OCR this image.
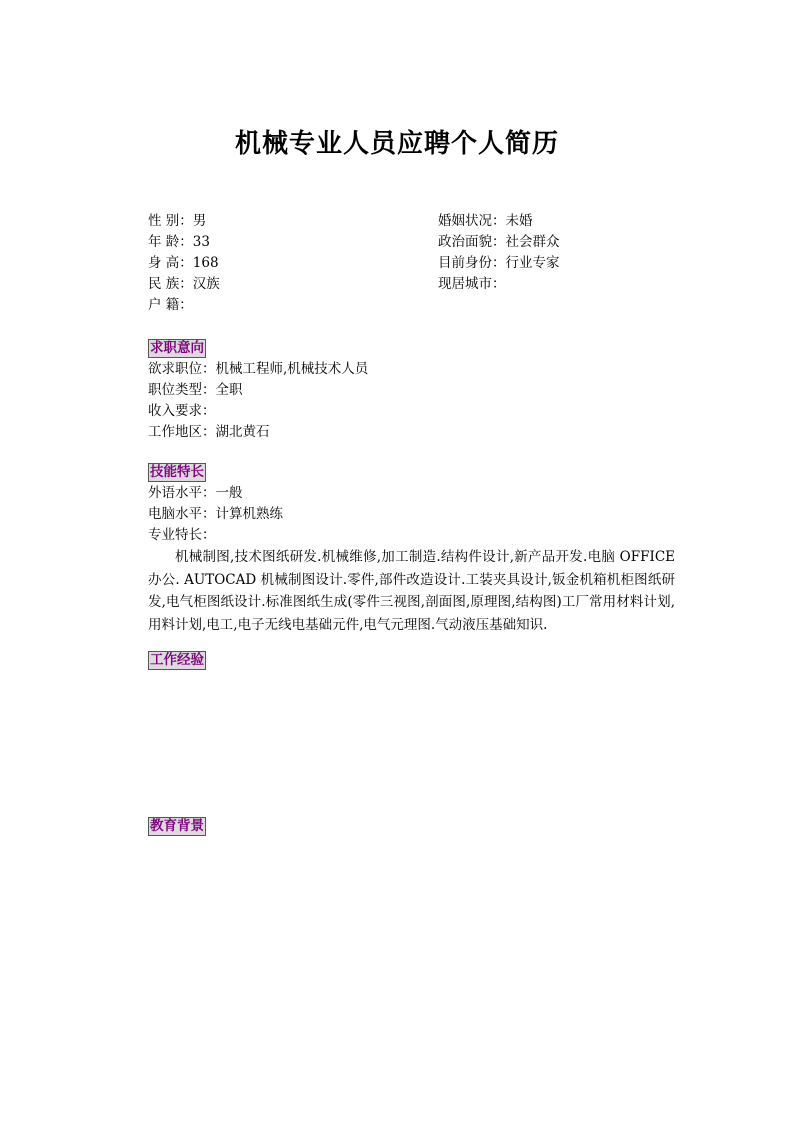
机械专业人员应聘个人简历
性 别：男	婚姻状况：未婚
年 龄：33	政治面貌：社会群众
身 高：168	目前身份：行业专家
民 族：汉族	现居城市：
户 籍：
求职意向
欲求职位：机械工程师,机械技术人员
职位类型：全职
收入要求：
工作地区：湖北黄石
技能特长
外语水平：一般
电脑水平：计算机熟练
专业特长：

机械制图,技术图纸研发.机械维修,加工制造.结构件设计,新产品开发.电脑 OFFICE 办公. AUTOCAD 机械制图设计.零件,部件改造设计.工装夹具设计,钣金机箱机柜图纸研发,电气柜图纸设计.标准图纸生成(零件三视图,剖面图,原理图,结构图)工厂常用材料计划,用料计划,电工,电子无线电基础元件,电气元理图.气动液压基础知识.

工作经验
教育背景
